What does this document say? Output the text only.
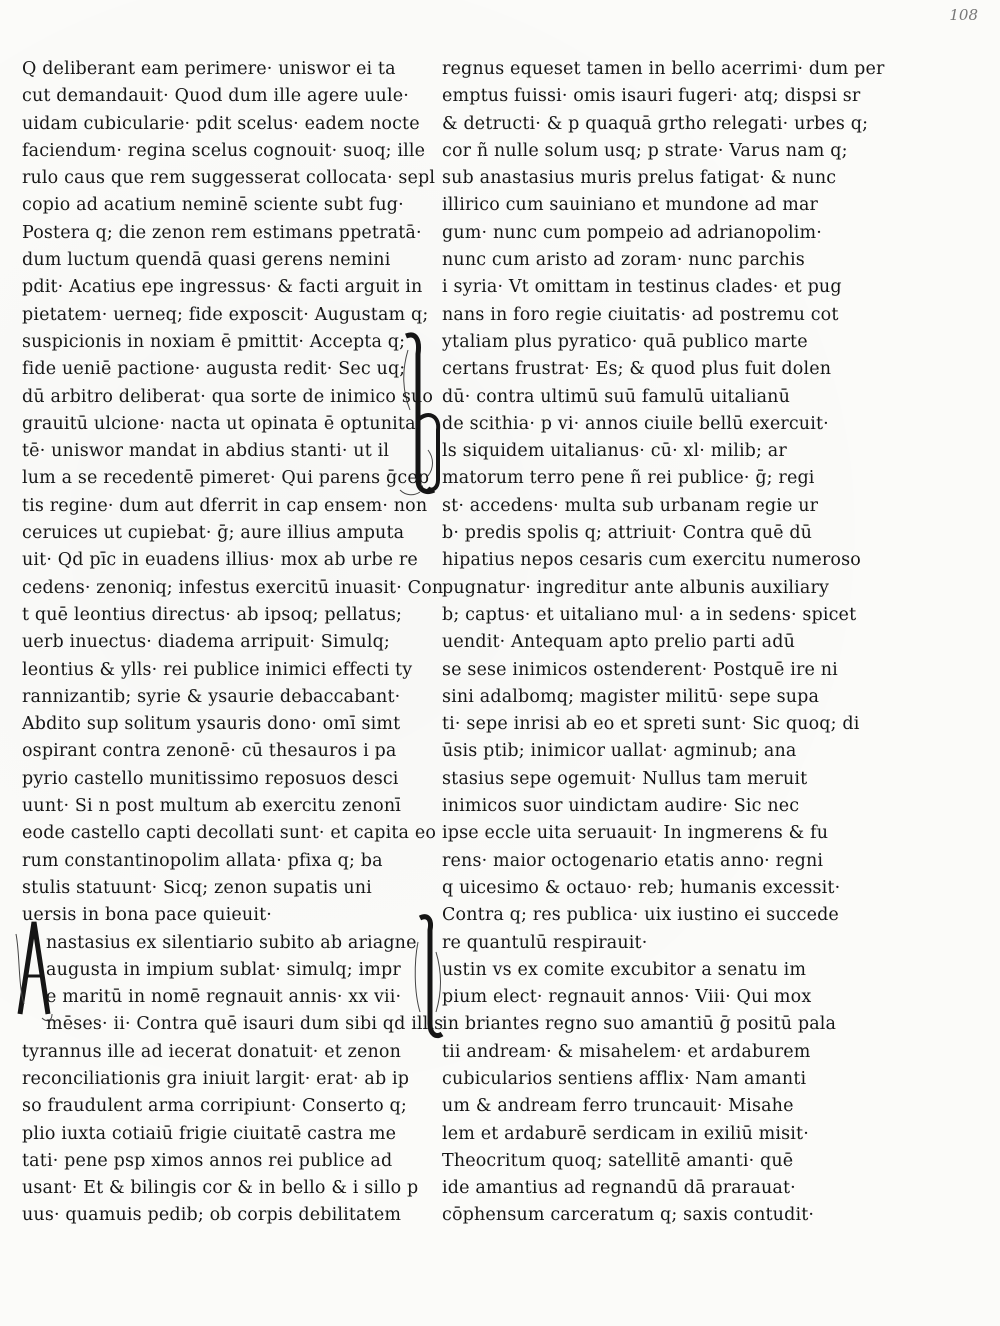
108
Q deliberant eam perimere· uniswor ei ta
cut demandauit· Quod dum ille agere uule·
uidam cubicularie· pdit scelus· eadem nocte
faciendum· regina scelus cognouit· suoq; ille
rulo caus que rem suggesserat collocata· sepl
copio ad acatium neminē sciente subt fug·
Postera q; die zenon rem estimans ppetratā·
dum luctum quendā quasi gerens nemini
pdit· Acatius epe ingressus· & facti arguit in
pietatem· uerneq; fide exposcit· Augustam q;
suspicionis in noxiam ē pmittit· Accepta q;
fide ueniē pactione· augusta redit· Sec uq;
dū arbitro deliberat· qua sorte de inimico suo
grauitū ulcione· nacta ut opinata ē optunita
tē· uniswor mandat in abdius stanti· ut il
lum a se recedentē pimeret· Qui parens ḡcep
tis regine· dum aut dferrit in cap ensem· non
ceruices ut cupiebat· ḡ; aure illius amputa
uit· Qd pīc in euadens illius· mox ab urbe re
cedens· zenoniq; infestus exercitū inuasit· Con
t quē leontius directus· ab ipsoq; pellatus;
uerb inuectus· diadema arripuit· Simulq;
leontius & ylls· rei publice inimici effecti ty
rannizantib; syrie & ysaurie debaccabant·
Abdito sup solitum ysauris dono· omī simt
ospirant contra zenonē· cū thesauros i pa
pyrio castello munitissimo reposuos desci
uunt· Si n post multum ab exercitu zenonī
eode castello capti decollati sunt· et capita eo
rum constantinopolim allata· pfixa q; ba
stulis statuunt· Sicq; zenon supatis uni
uersis in bona pace quieuit·
nastasius ex silentiario subito ab ariagne
augusta in impium sublat· simulq; impr
e maritū in nomē regnauit annis· xx vii·
mēses· ii· Contra quē isauri dum sibi qd illis
tyrannus ille ad iecerat donatuit· et zenon
reconciliationis gra iniuit largit· erat· ab ip
so fraudulent arma corripiunt· Conserto q;
plio iuxta cotiaiū frigie ciuitatē castra me
tati· pene psp ximos annos rei publice ad
usant· Et & bilingis cor & in bello & i sillo p
uus· quamuis pedib; ob corpis debilitatem
regnus equeset tamen in bello acerrimi· dum per
emptus fuissi· omis isauri fugeri· atq; dispsi sr
& detructi· & p quaquā grtho relegati· urbes q;
cor ñ nulle solum usq; p strate· Varus nam q;
sub anastasius muris prelus fatigat· & nunc
illirico cum sauiniano et mundone ad mar
gum· nunc cum pompeio ad adrianopolim·
nunc cum aristo ad zoram· nunc parchis
i syria· Vt omittam in testinus clades· et pug
nans in foro regie ciuitatis· ad postremu cot
ytaliam plus pyratico· quā publico marte
certans frustrat· Es; & quod plus fuit dolen
dū· contra ultimū suū famulū uitalianū
de scithia· p vi· annos ciuile bellū exercuit·
ls siquidem uitalianus· cū· xl· milib; ar
matorum terro pene ñ rei publice· ḡ; regi
st· accedens· multa sub urbanam regie ur
b· predis spolis q; attriuit· Contra quē dū
hipatius nepos cesaris cum exercitu numeroso
pugnatur· ingreditur ante albunis auxiliary
b; captus· et uitaliano mul· a in sedens· spicet
uendit· Antequam apto prelio parti adū
se sese inimicos ostenderent· Postquē ire ni
sini adalbomq; magister militū· sepe supa
ti· sepe inrisi ab eo et spreti sunt· Sic quoq; di
ūsis ptib; inimicor uallat· agminub; ana
stasius sepe ogemuit· Nullus tam meruit
inimicos suor uindictam audire· Sic nec
ipse eccle uita seruauit· In ingmerens & fu
rens· maior octogenario etatis anno· regni
q uicesimo & octauo· reb; humanis excessit·
Contra q; res publica· uix iustino ei succede
re quantulū respirauit·
ustin vs ex comite excubitor a senatu im
pium elect· regnauit annos· Viii· Qui mox
in briantes regno suo amantiū ḡ positū pala
tii andream· & misahelem· et ardaburem
cubicularios sentiens afflix· Nam amanti
um & andream ferro truncauit· Misahe
lem et ardaburē serdicam in exiliū misit·
Theocritum quoq; satellitē amanti· quē
ide amantius ad regnandū dā prarauat·
cōphensum carceratum q; saxis contudit·
